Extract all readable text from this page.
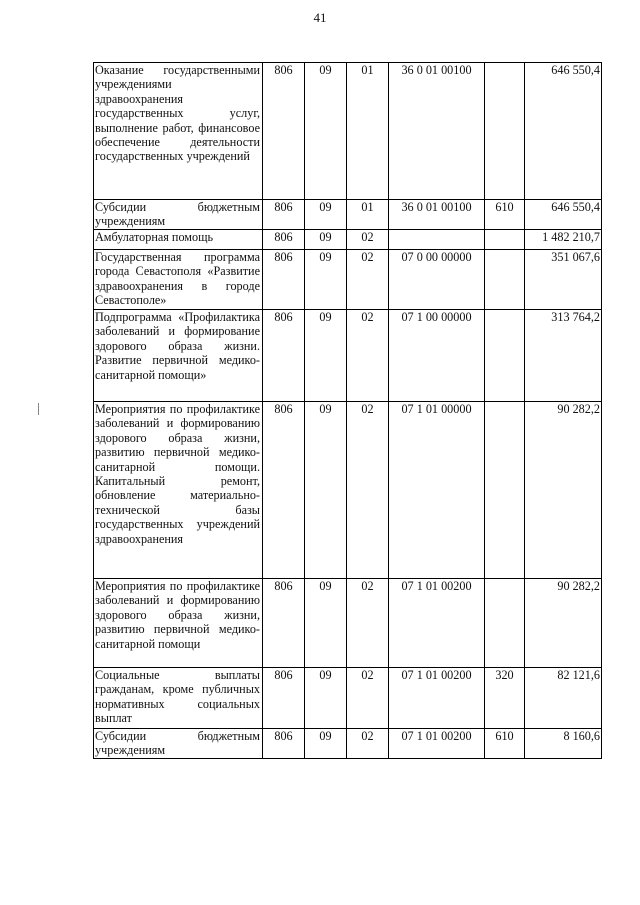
41
Оказание государственными учреждениями здравоохранения государственных услуг, выполнение работ, финансовое обеспечение деятельности государственных учреждений	806	09	01	36 0 01 00100		646 550,4
Субсидии бюджетным учреждениям	806	09	01	36 0 01 00100	610	646 550,4
Амбулаторная помощь	806	09	02			1 482 210,7
Государственная программа города Севастополя «Развитие здравоохранения в городе Севастополе»	806	09	02	07 0 00 00000		351 067,6
Подпрограмма «Профилактика заболеваний и формирование здорового образа жизни. Развитие первичной медико-санитарной помощи»	806	09	02	07 1 00 00000		313 764,2
Мероприятия по профилактике заболеваний и формированию здорового образа жизни, развитию первичной медико-санитарной помощи. Капитальный ремонт, обновление материально-технической базы государственных учреждений здравоохранения	806	09	02	07 1 01 00000		90 282,2
Мероприятия по профилактике заболеваний и формированию здорового образа жизни, развитию первичной медико-санитарной помощи	806	09	02	07 1 01 00200		90 282,2
Социальные выплаты гражданам, кроме публичных нормативных социальных выплат	806	09	02	07 1 01 00200	320	82 121,6
Субсидии бюджетным учреждениям	806	09	02	07 1 01 00200	610	8 160,6
